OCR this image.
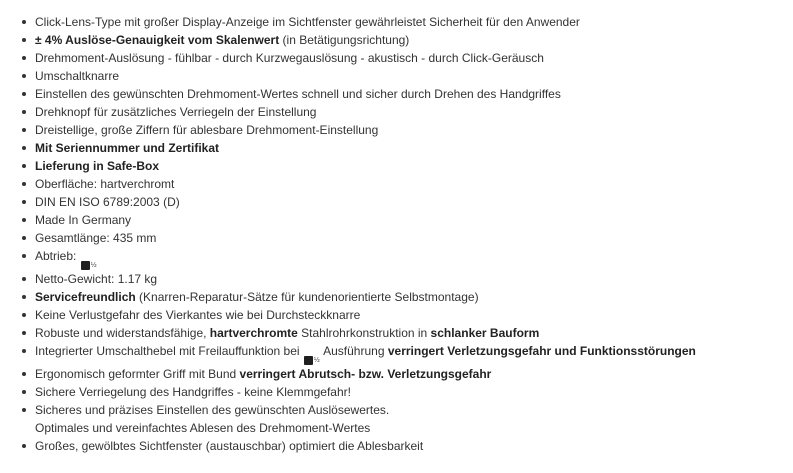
Click-Lens-Type mit großer Display-Anzeige im Sichtfenster gewährleistet Sicherheit für den Anwender
± 4% Auslöse-Genauigkeit vom Skalenwert (in Betätigungsrichtung)
Drehmoment-Auslösung - fühlbar - durch Kurzwegauslösung - akustisch - durch Click-Geräusch
Umschaltknarre
Einstellen des gewünschten Drehmoment-Wertes schnell und sicher durch Drehen des Handgriffes
Drehknopf für zusätzliches Verriegeln der Einstellung
Dreistellige, große Ziffern für ablesbare Drehmoment-Einstellung
Mit Seriennummer und Zertifikat
Lieferung in Safe-Box
Oberfläche: hartverchromt
DIN EN ISO 6789:2003 (D)
Made In Germany
Gesamtlänge: 435 mm
Abtrieb: ½
Netto-Gewicht: 1.17 kg
Servicefreundlich (Knarren-Reparatur-Sätze für kundenorientierte Selbstmontage)
Keine Verlustgefahr des Vierkantes wie bei Durchsteckknarre
Robuste und widerstandsfähige, hartverchromte Stahlrohrkonstruktion in schlanker Bauform
Integrierter Umschalthebel mit Freilauffunktion bei ½ Ausführung verringert Verletzungsgefahr und Funktionsstörungen
Ergonomisch geformter Griff mit Bund verringert Abrutsch- bzw. Verletzungsgefahr
Sichere Verriegelung des Handgriffes - keine Klemmgefahr!
Sicheres und präzises Einstellen des gewünschten Auslösewertes.
Optimales und vereinfachtes Ablesen des Drehmoment-Wertes
Großes, gewölbtes Sichtfenster (austauschbar) optimiert die Ablesbarkeit
